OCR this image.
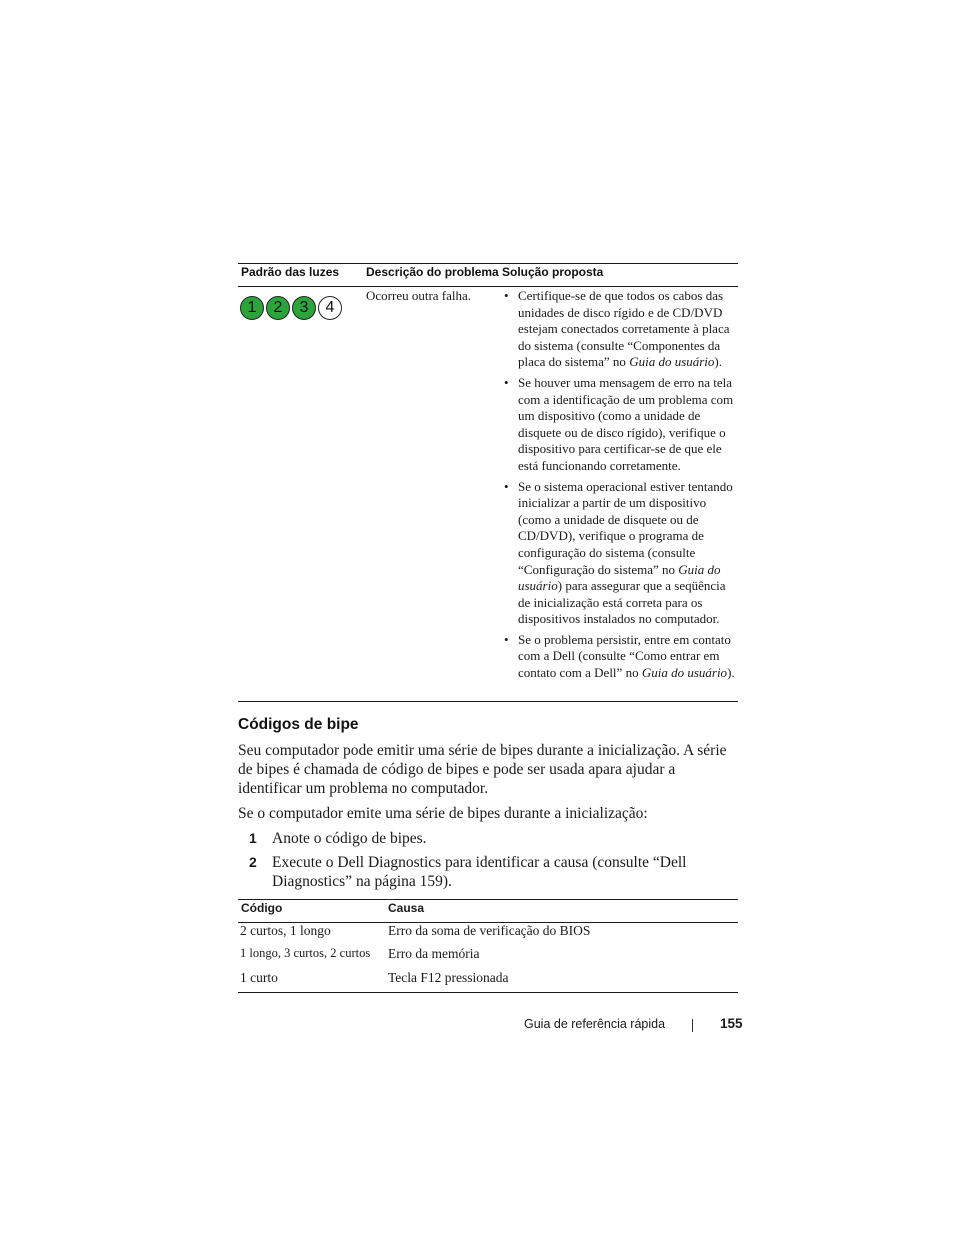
Padrão das luzes Descrição do problema Solução proposta
1 2 3 4
Ocorreu outra falha.
•	Certifique-se de que todos os cabos das unidades de disco rígido e de CD/DVD estejam conectados corretamente à placa do sistema (consulte “Componentes da placa do sistema” no Guia do usuário).
• Se houver uma mensagem de erro na tela com a identificação de um problema com um dispositivo (como a unidade de disquete ou de disco rígido), verifique o dispositivo para certificar-se de que ele está funcionando corretamente.
• Se o sistema operacional estiver tentando inicializar a partir de um dispositivo (como a unidade de disquete ou de CD/DVD), verifique o programa de configuração do sistema (consulte “Configuração do sistema” no Guia do usuário) para assegurar que a seqüência de inicialização está correta para os dispositivos instalados no computador.
• Se o problema persistir, entre em contato com a Dell (consulte “Como entrar em contato com a Dell” no Guia do usuário).
Códigos de bipe

Seu computador pode emitir uma série de bipes durante a inicialização. A série de bipes é chamada de código de bipes e pode ser usada apara ajudar a identificar um problema no computador.

Se o computador emite uma série de bipes durante a inicialização:

1 Anote o código de bipes.
2 Execute o Dell Diagnostics para identificar a causa (consulte “Dell Diagnostics” na página 159).
Código	Causa
2 curtos, 1 longo	Erro da soma de verificação do BIOS
1 longo, 3 curtos, 2 curtos Erro da memória
1 curto	Tecla F12 pressionada
Guia de referência rápida	155
